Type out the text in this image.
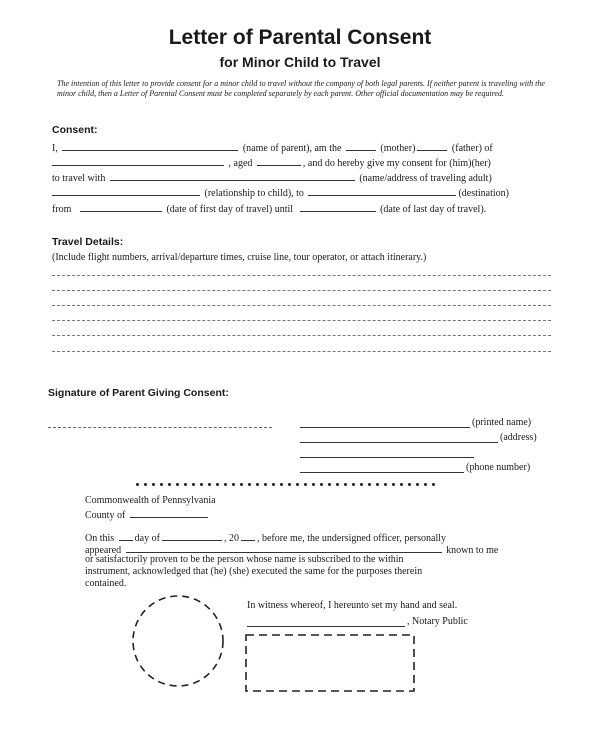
Letter of Parental Consent
for Minor Child to Travel
The intention of this letter to provide consent for a minor child to travel without the company of both legal parents. If neither parent is traveling with the minor child, then a Letter of Parental Consent must be completed separately by each parent. Other official documentation may be required.
Consent:
I,	(name of parent), am the	(mother)	(father) of
, aged	, and do hereby give my consent for (him)(her)
to travel with	(name/address of traveling adult)
(relationship to child), to	(destination)
from	(date of first day of travel) until	(date of last day of travel).
Travel Details:
(Include flight numbers, arrival/departure times, cruise line, tour operator, or attach itinerary.)
Signature of Parent Giving Consent:
(printed name)
(address)
(phone number)
Commonwealth of Pennsylvania
County of
On this day of	, 20 , before me, the undersigned officer, personally
appeared	known to me
or satisfactorily proven to be the person whose name is subscribed to the within
instrument, acknowledged that (he) (she) executed the same for the purposes therein
contained.
In witness whereof, I hereunto set my hand and seal.
, Notary Public
